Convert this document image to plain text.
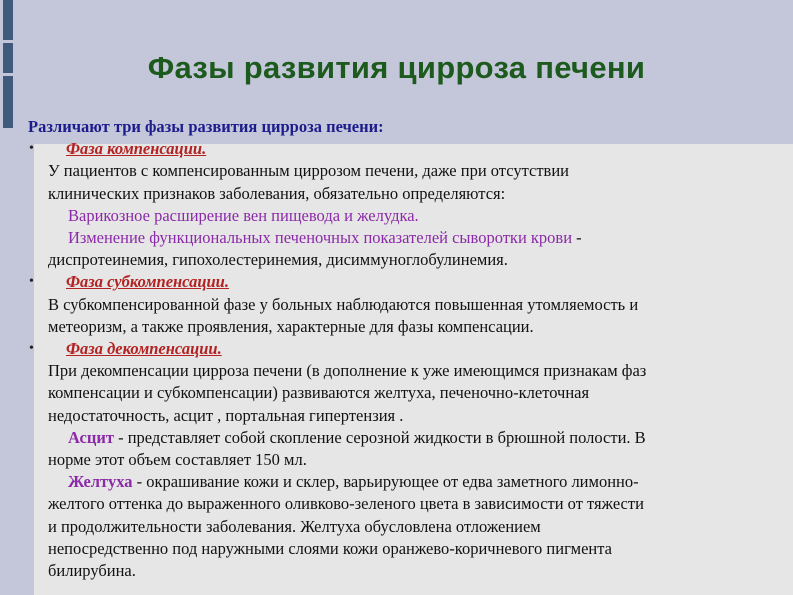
Фазы развития цирроза печени
Различают три фазы развития цирроза печени:
• Фаза компенсации.
У пациентов с компенсированным циррозом печени, даже при отсутствии
клинических признаков заболевания, обязательно определяются:
Варикозное расширение вен пищевода и желудка.
Изменение функциональных печеночных показателей сыворотки крови -
диспротеинемия, гипохолестеринемия, дисиммуноглобулинемия.
• Фаза субкомпенсации.
В субкомпенсированной фазе у больных наблюдаются повышенная утомляемость и
метеоризм, а также проявления, характерные для фазы компенсации.
• Фаза декомпенсации.
При декомпенсации цирроза печени (в дополнение к уже имеющимся признакам фаз
компенсации и субкомпенсации) развиваются желтуха, печеночно-клеточная
недостаточность, асцит , портальная гипертензия .
Асцит - представляет собой скопление серозной жидкости в брюшной полости. В
норме этот объем составляет 150 мл.
Желтуха - окрашивание кожи и склер, варьирующее от едва заметного лимонно-
желтого оттенка до выраженного оливково-зеленого цвета в зависимости от тяжести
и продолжительности заболевания. Желтуха обусловлена отложением
непосредственно под наружными слоями кожи оранжево-коричневого пигмента
билирубина.
